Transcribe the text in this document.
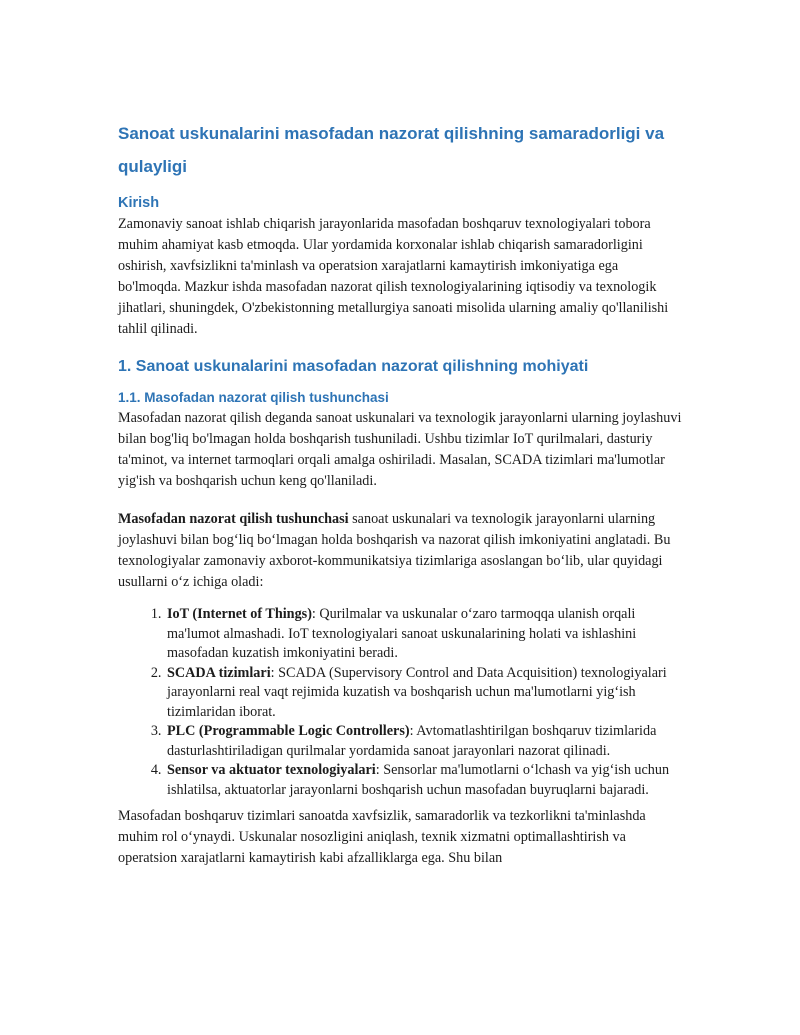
Sanoat uskunalarini masofadan nazorat qilishning samaradorligi va qulayligi
Kirish

Zamonaviy sanoat ishlab chiqarish jarayonlarida masofadan boshqaruv texnologiyalari tobora muhim ahamiyat kasb etmoqda. Ular yordamida korxonalar ishlab chiqarish samaradorligini oshirish, xavfsizlikni ta'minlash va operatsion xarajatlarni kamaytirish imkoniyatiga ega bo'lmoqda. Mazkur ishda masofadan nazorat qilish texnologiyalarining iqtisodiy va texnologik jihatlari, shuningdek, O'zbekistonning metallurgiya sanoati misolida ularning amaliy qo'llanilishi tahlil qilinadi.

1. Sanoat uskunalarini masofadan nazorat qilishning mohiyati
1.1. Masofadan nazorat qilish tushunchasi

Masofadan nazorat qilish deganda sanoat uskunalari va texnologik jarayonlarni ularning joylashuvi bilan bog'liq bo'lmagan holda boshqarish tushuniladi. Ushbu tizimlar IoT qurilmalari, dasturiy ta'minot, va internet tarmoqlari orqali amalga oshiriladi. Masalan, SCADA tizimlari ma'lumotlar yig'ish va boshqarish uchun keng qo'llaniladi.

Masofadan nazorat qilish tushunchasi sanoat uskunalari va texnologik jarayonlarni ularning joylashuvi bilan bog‘liq bo‘lmagan holda boshqarish va nazorat qilish imkoniyatini anglatadi. Bu texnologiyalar zamonaviy axborot-kommunikatsiya tizimlariga asoslangan bo‘lib, ular quyidagi usullarni o‘z ichiga oladi:

1. IoT (Internet of Things): Qurilmalar va uskunalar o‘zaro tarmoqqa ulanish orqali ma'lumot almashadi. IoT texnologiyalari sanoat uskunalarining holati va ishlashini masofadan kuzatish imkoniyatini beradi.
2. SCADA tizimlari: SCADA (Supervisory Control and Data Acquisition) texnologiyalari jarayonlarni real vaqt rejimida kuzatish va boshqarish uchun ma'lumotlarni yig‘ish tizimlaridan iborat.
3. PLC (Programmable Logic Controllers): Avtomatlashtirilgan boshqaruv tizimlarida dasturlashtiriladigan qurilmalar yordamida sanoat jarayonlari nazorat qilinadi.
4. Sensor va aktuator texnologiyalari: Sensorlar ma'lumotlarni o‘lchash va yig‘ish uchun ishlatilsa, aktuatorlar jarayonlarni boshqarish uchun masofadan buyruqlarni bajaradi.

Masofadan boshqaruv tizimlari sanoatda xavfsizlik, samaradorlik va tezkorlikni ta'minlashda muhim rol o‘ynaydi. Uskunalar nosozligini aniqlash, texnik xizmatni optimallashtirish va operatsion xarajatlarni kamaytirish kabi afzalliklarga ega. Shu bilan
